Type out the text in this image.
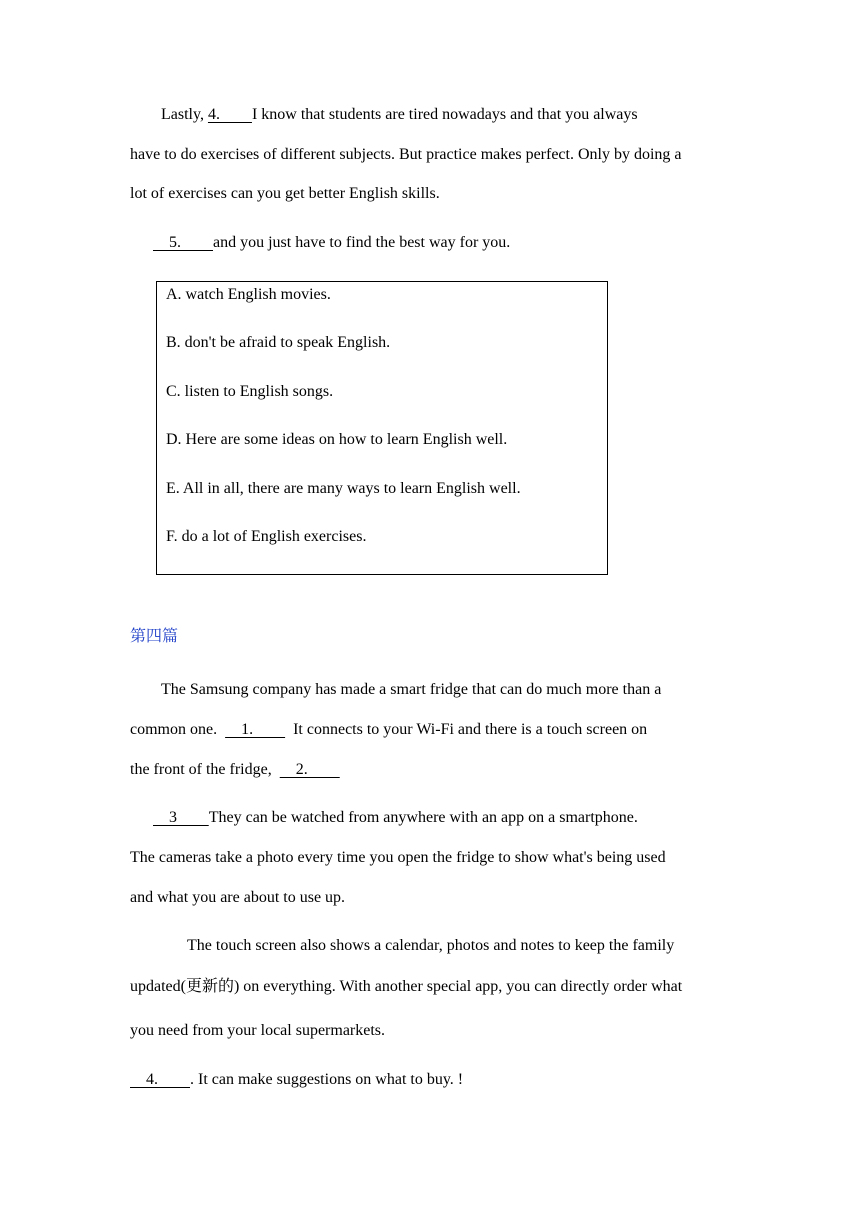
Lastly, 4.        I know that students are tired nowadays and that you always
have to do exercises of different subjects. But practice makes perfect. Only by doing a
lot of exercises can you get better English skills.
5.        and you just have to find the best way for you.
A. watch English movies.
B. don't be afraid to speak English.
C. listen to English songs.
D. Here are some ideas on how to learn English well.
E. All in all, there are many ways to learn English well.
F. do a lot of English exercises.
第四篇
The Samsung company has made a smart fridge that can do much more than a
common one.      1.          It connects to your Wi-Fi and there is a touch screen on
the front of the fridge,      2.
3        They can be watched from anywhere with an app on a smartphone.
The cameras take a photo every time you open the fridge to show what's being used
and what you are about to use up.
The touch screen also shows a calendar, photos and notes to keep the family
updated(更新的) on everything. With another special app, you can directly order what
you need from your local supermarkets.
4.        . It can make suggestions on what to buy. !
